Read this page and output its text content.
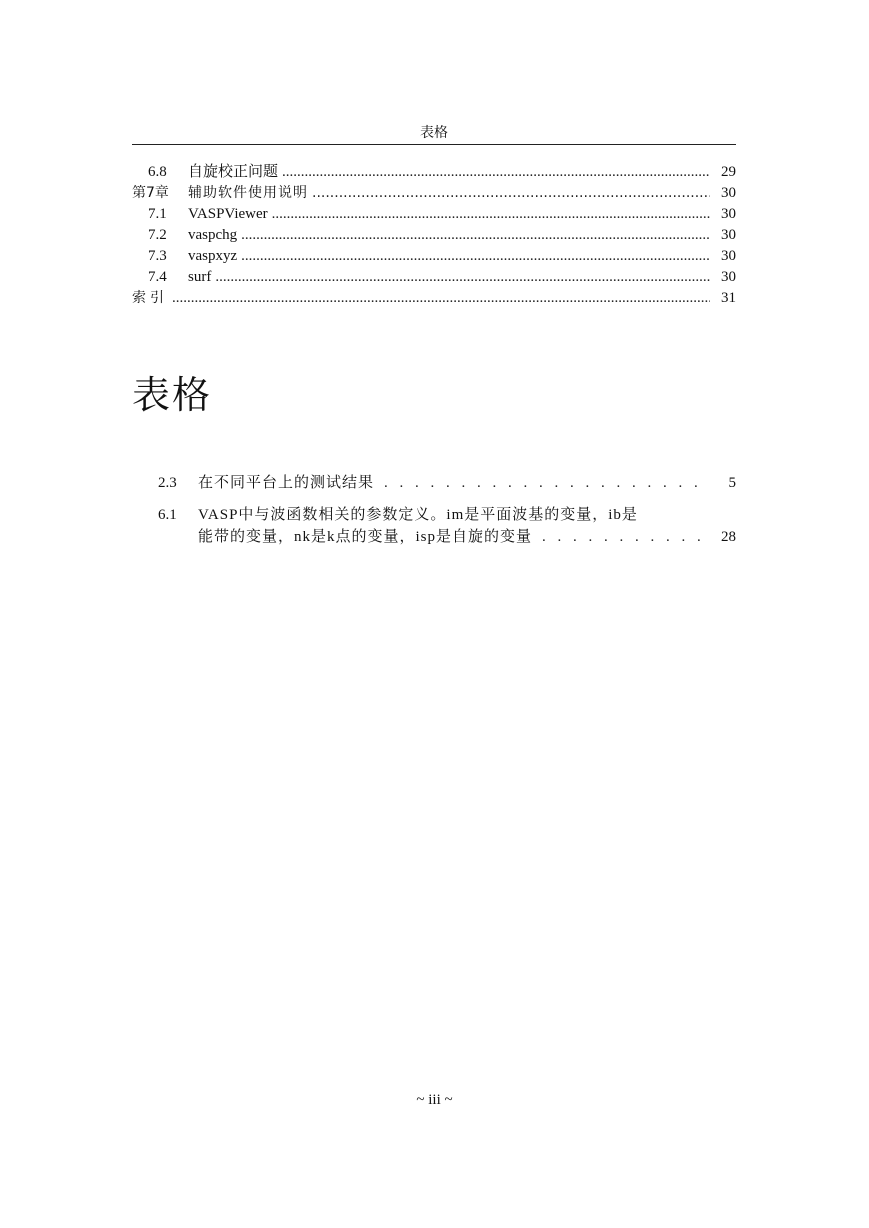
表格
6.8	自旋校正问题 .....	29
第7章	辅助软件使用说明 .....	30
7.1	VASPViewer .....	30
7.2	vaspchg .....	30
7.3	vaspxyz .....	30
7.4	surf .....	30
索引 .....	31
表格
2.3	在不同平台上的测试结果 . . .	5
6.1	VASP中与波函数相关的参数定义。im是平面波基的变量，ib是
能带的变量，nk是k点的变量，isp是自旋的变量 . . .	28
~ iii ~
